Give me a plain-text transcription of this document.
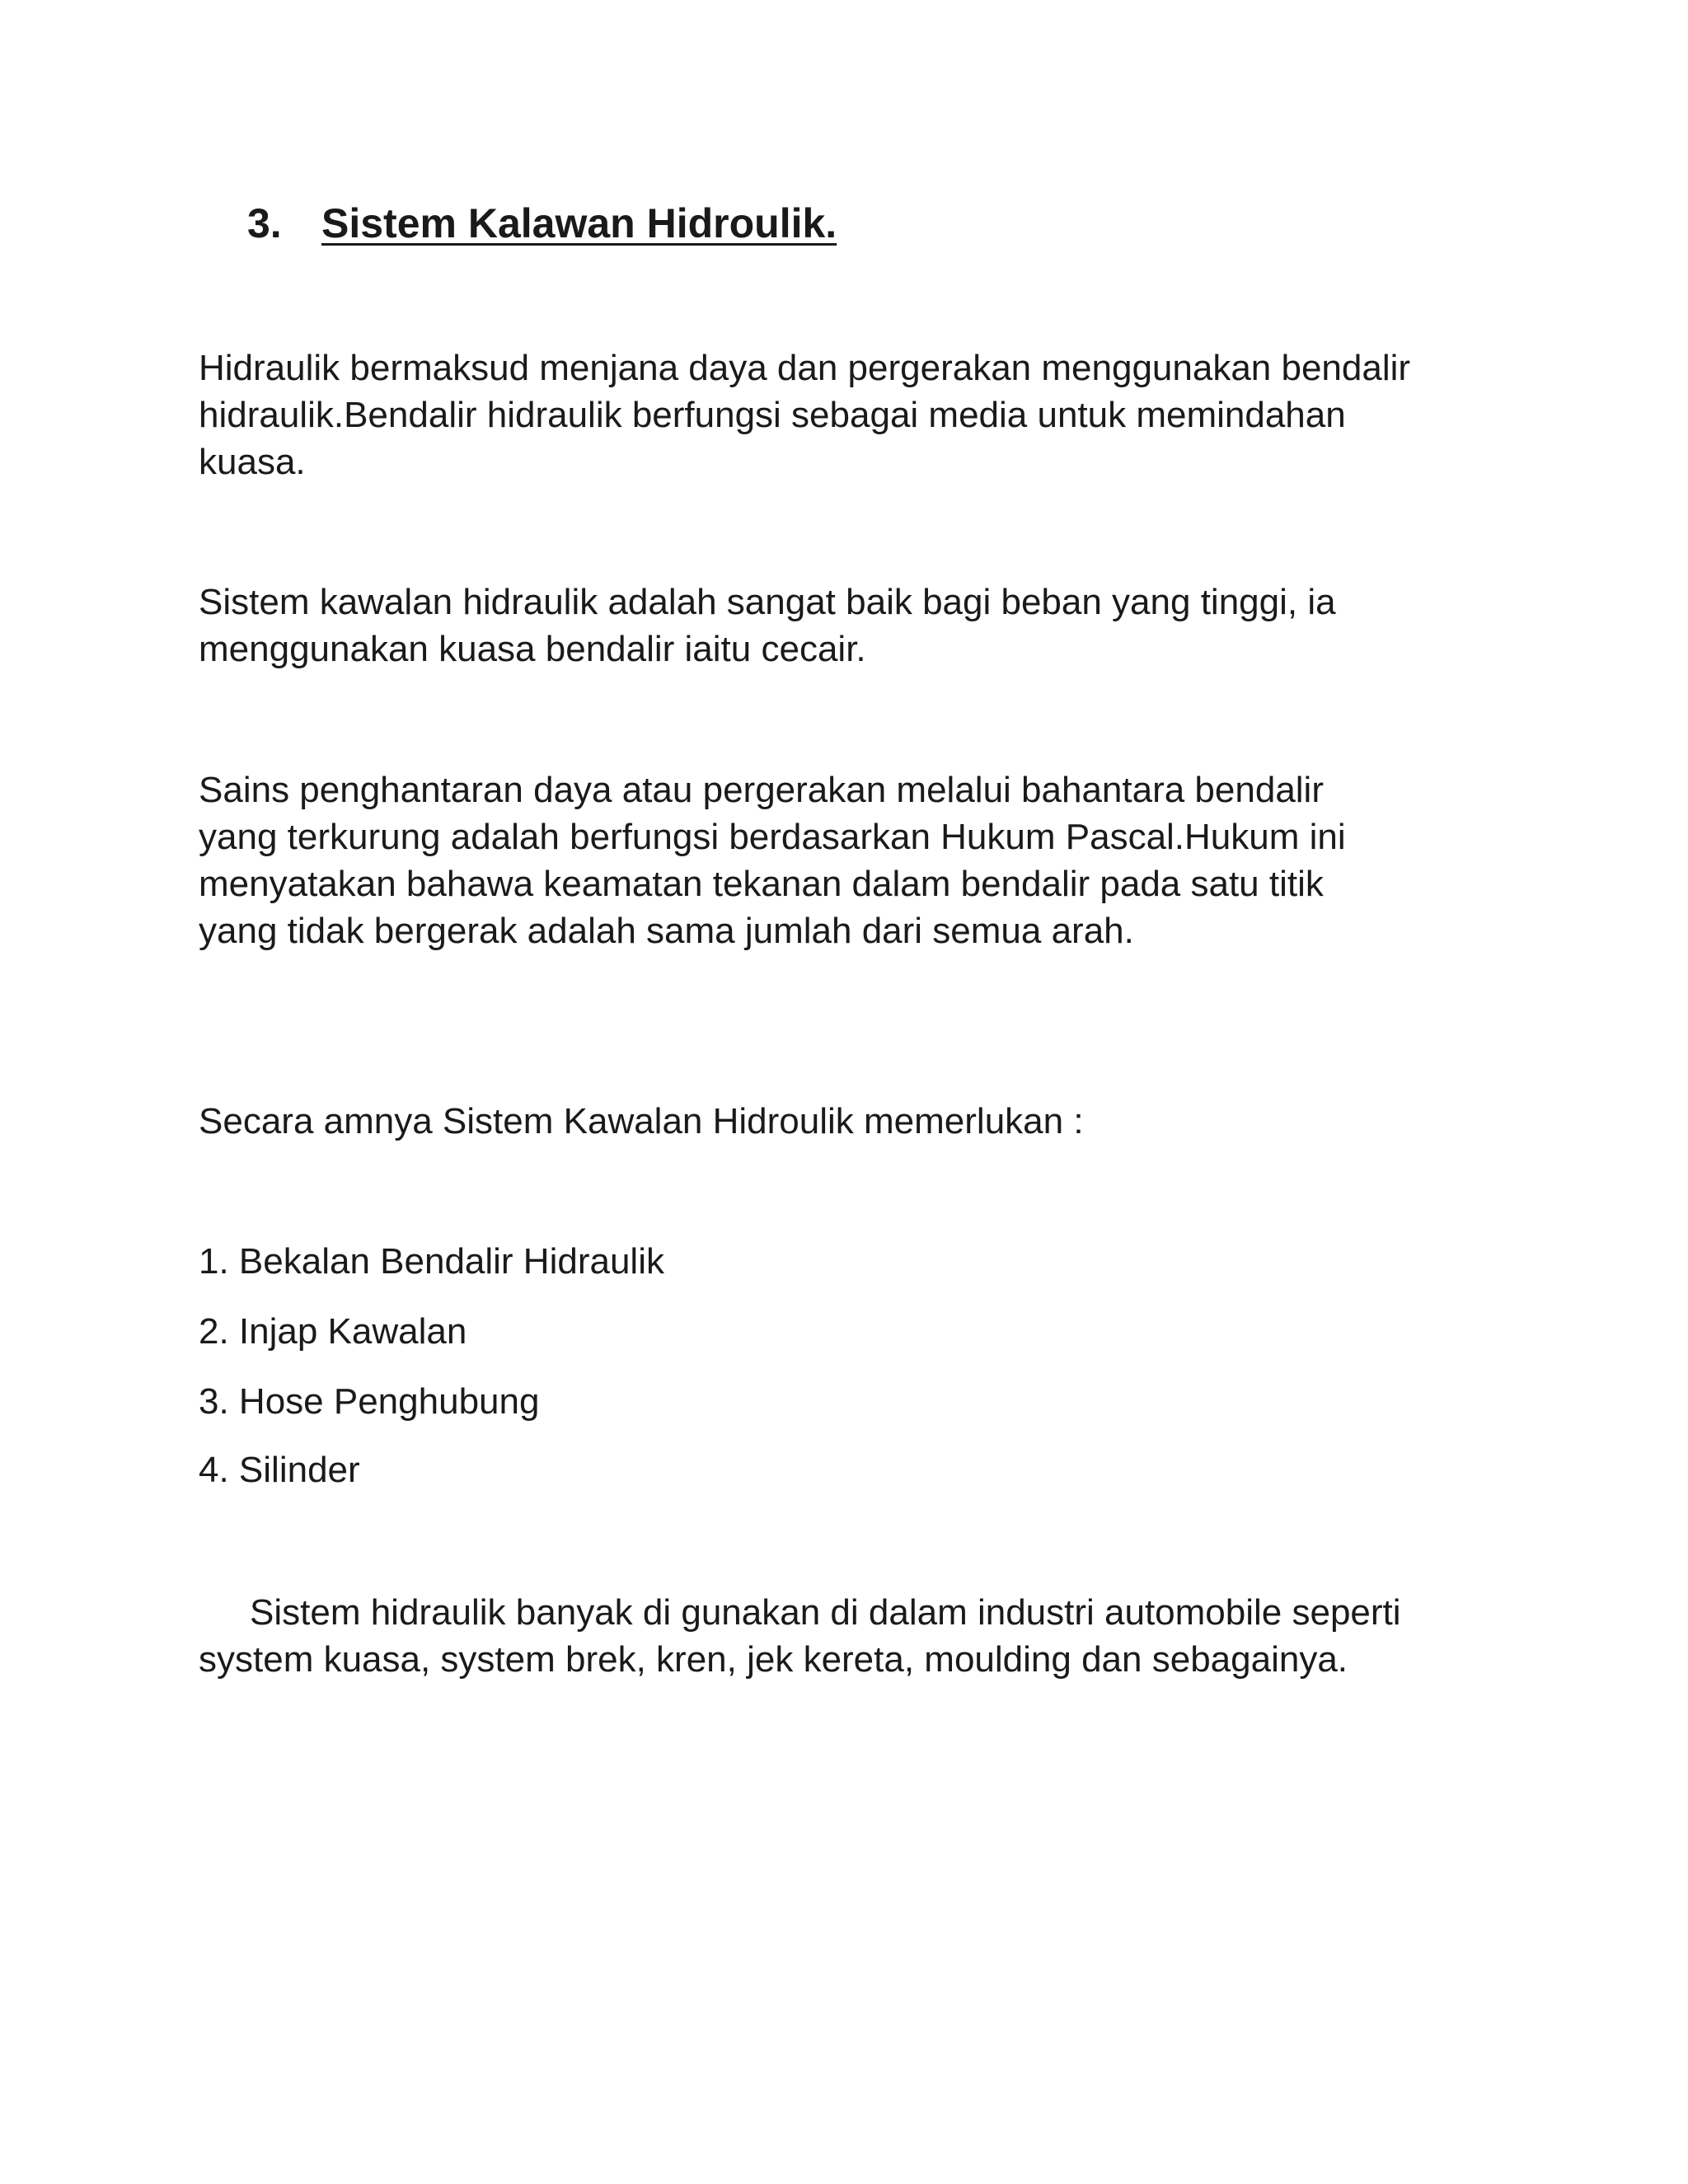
3. Sistem Kalawan Hidroulik.
Hidraulik bermaksud menjana daya dan pergerakan menggunakan bendalir
hidraulik.Bendalir hidraulik berfungsi sebagai media untuk memindahan
kuasa.
Sistem kawalan hidraulik adalah sangat baik bagi beban yang tinggi, ia
menggunakan kuasa bendalir iaitu cecair.
Sains penghantaran daya atau pergerakan melalui bahantara bendalir
yang terkurung adalah berfungsi berdasarkan Hukum Pascal.Hukum ini
menyatakan bahawa keamatan tekanan dalam bendalir pada satu titik
yang tidak bergerak adalah sama jumlah dari semua arah.
Secara amnya Sistem Kawalan Hidroulik memerlukan :
1. Bekalan Bendalir Hidraulik
2. Injap Kawalan
3. Hose Penghubung
4. Silinder
Sistem hidraulik banyak di gunakan di dalam industri automobile seperti
system kuasa, system brek, kren, jek kereta, moulding dan sebagainya.
